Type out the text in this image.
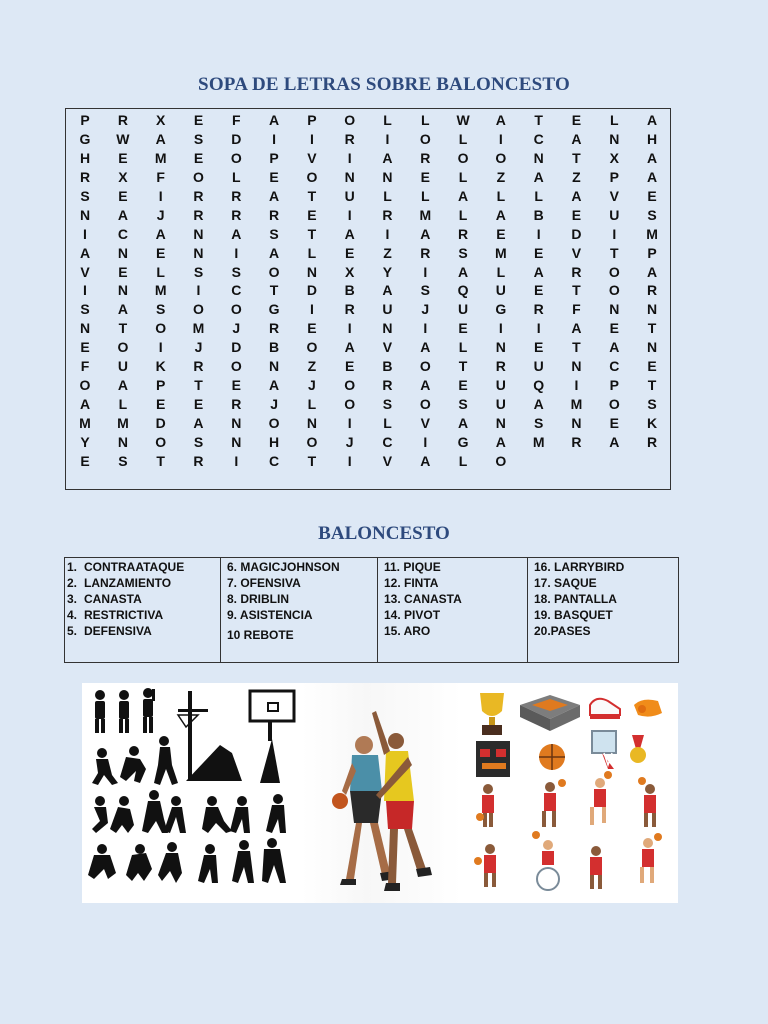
SOPA DE LETRAS SOBRE BALONCESTO
P	R	X	E	F	A	P	O	L	L	W	A	T	E	L	A
G	W	A	S	D	I	I	R	I	O	L	I	C	A	N	H
H	E	M	E	O	P	V	I	A	R	O	O	N	T	X	A
R	X	F	O	L	E	O	N	N	E	L	Z	A	Z	P	A
S	E	I	R	R	A	T	U	L	L	A	L	L	A	V	E
N	A	J	R	R	R	E	I	R	M	L	A	B	E	U	S
I	C	A	N	A	S	T	A	I	A	R	E	I	D	I	M
A	N	E	N	I	A	L	E	Z	R	S	M	E	V	T	P
V	E	L	S	S	O	N	X	Y	I	A	L	A	R	O	A
I	N	M	I	C	T	D	B	A	S	Q	U	E	T	O	R
S	A	S	O	O	G	I	R	U	J	U	G	R	F	N	N
N	T	O	M	J	R	E	I	N	I	E	I	I	A	E	T
E	O	I	J	D	B	O	A	V	A	L	N	E	T	A	N
F	U	K	R	O	N	Z	E	B	O	T	R	U	N	C	E
O	A	P	T	E	A	J	O	R	A	E	U	Q	I	P	T
A	L	E	E	R	J	L	O	S	O	S	U	A	M	O	S
M	M	D	A	N	O	N	I	L	V	A	N	S	N	E	K
Y	N	O	S	N	H	O	J	C	I	G	A	M	R	A	R
E	S	T	R	I	C	T	I	V	A	L	O
BALONCESTO
1. CONTRAATAQUE
2. LANZAMIENTO
3. CANASTA
4. RESTRICTIVA
5. DEFENSIVA
6. MAGICJOHNSON
7. OFENSIVA
8. DRIBLIN
9. ASISTENCIA
10 REBOTE
11. PIQUE
12. FINTA
13. CANASTA
14. PIVOT
15. ARO
16. LARRYBIRD
17. SAQUE
18. PANTALLA
19. BASQUET
20.PASES
